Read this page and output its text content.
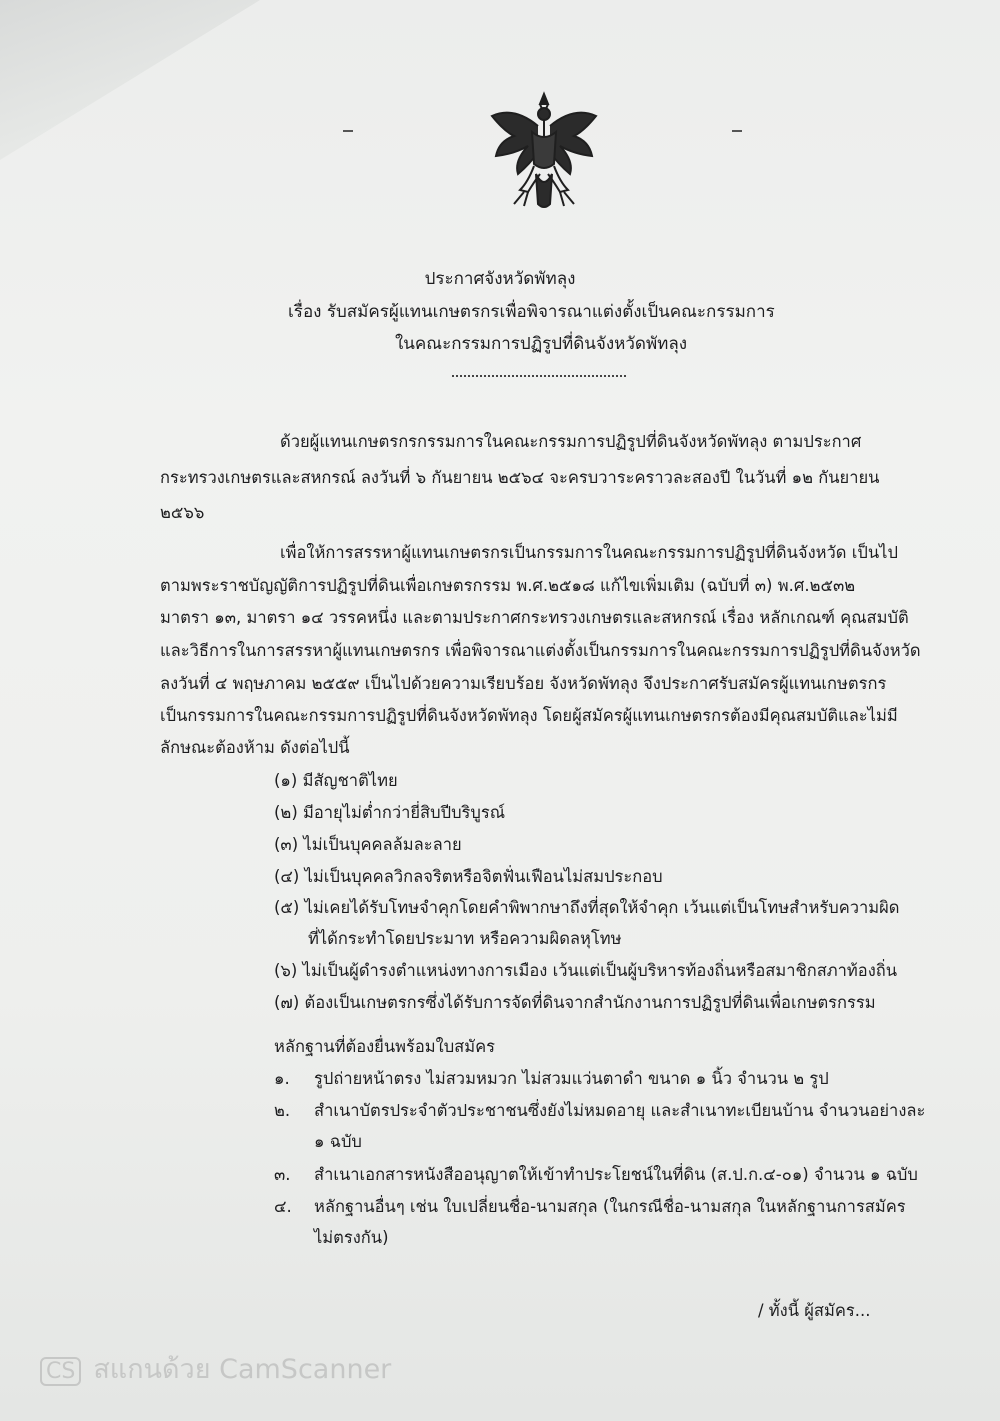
ประกาศจังหวัดพัทลุง
เรื่อง รับสมัครผู้แทนเกษตรกรเพื่อพิจารณาแต่งตั้งเป็นคณะกรรมการ
ในคณะกรรมการปฏิรูปที่ดินจังหวัดพัทลุง
ด้วยผู้แทนเกษตรกรกรรมการในคณะกรรมการปฏิรูปที่ดินจังหวัดพัทลุง ตามประกาศ
กระทรวงเกษตรและสหกรณ์ ลงวันที่ ๖ กันยายน ๒๕๖๔ จะครบวาระคราวละสองปี ในวันที่ ๑๒ กันยายน
๒๕๖๖
เพื่อให้การสรรหาผู้แทนเกษตรกรเป็นกรรมการในคณะกรรมการปฏิรูปที่ดินจังหวัด เป็นไป
ตามพระราชบัญญัติการปฏิรูปที่ดินเพื่อเกษตรกรรม พ.ศ.๒๕๑๘ แก้ไขเพิ่มเติม (ฉบับที่ ๓) พ.ศ.๒๕๓๒
มาตรา ๑๓, มาตรา ๑๔ วรรคหนึ่ง และตามประกาศกระทรวงเกษตรและสหกรณ์ เรื่อง หลักเกณฑ์ คุณสมบัติ
และวิธีการในการสรรหาผู้แทนเกษตรกร เพื่อพิจารณาแต่งตั้งเป็นกรรมการในคณะกรรมการปฏิรูปที่ดินจังหวัด
ลงวันที่ ๔ พฤษภาคม ๒๕๕๙ เป็นไปด้วยความเรียบร้อย จังหวัดพัทลุง จึงประกาศรับสมัครผู้แทนเกษตรกร
เป็นกรรมการในคณะกรรมการปฏิรูปที่ดินจังหวัดพัทลุง โดยผู้สมัครผู้แทนเกษตรกรต้องมีคุณสมบัติและไม่มี
ลักษณะต้องห้าม ดังต่อไปนี้
(๑) มีสัญชาติไทย
(๒) มีอายุไม่ต่ำกว่ายี่สิบปีบริบูรณ์
(๓) ไม่เป็นบุคคลล้มละลาย
(๔) ไม่เป็นบุคคลวิกลจริตหรือจิตฟั่นเฟือนไม่สมประกอบ
(๕) ไม่เคยได้รับโทษจำคุกโดยคำพิพากษาถึงที่สุดให้จำคุก เว้นแต่เป็นโทษสำหรับความผิด
ที่ได้กระทำโดยประมาท หรือความผิดลหุโทษ
(๖) ไม่เป็นผู้ดำรงตำแหน่งทางการเมือง เว้นแต่เป็นผู้บริหารท้องถิ่นหรือสมาชิกสภาท้องถิ่น
(๗) ต้องเป็นเกษตรกรซึ่งได้รับการจัดที่ดินจากสำนักงานการปฏิรูปที่ดินเพื่อเกษตรกรรม
หลักฐานที่ต้องยื่นพร้อมใบสมัคร
๑. รูปถ่ายหน้าตรง ไม่สวมหมวก ไม่สวมแว่นตาดำ ขนาด ๑ นิ้ว จำนวน ๒ รูป
๒. สำเนาบัตรประจำตัวประชาชนซึ่งยังไม่หมดอายุ และสำเนาทะเบียนบ้าน จำนวนอย่างละ
๑ ฉบับ
๓. สำเนาเอกสารหนังสืออนุญาตให้เข้าทำประโยชน์ในที่ดิน (ส.ป.ก.๔-๐๑) จำนวน ๑ ฉบับ
๔. หลักฐานอื่นๆ เช่น ใบเปลี่ยนชื่อ-นามสกุล (ในกรณีชื่อ-นามสกุล ในหลักฐานการสมัคร
ไม่ตรงกัน)
/ ทั้งนี้ ผู้สมัคร...
CS สแกนด้วย CamScanner
